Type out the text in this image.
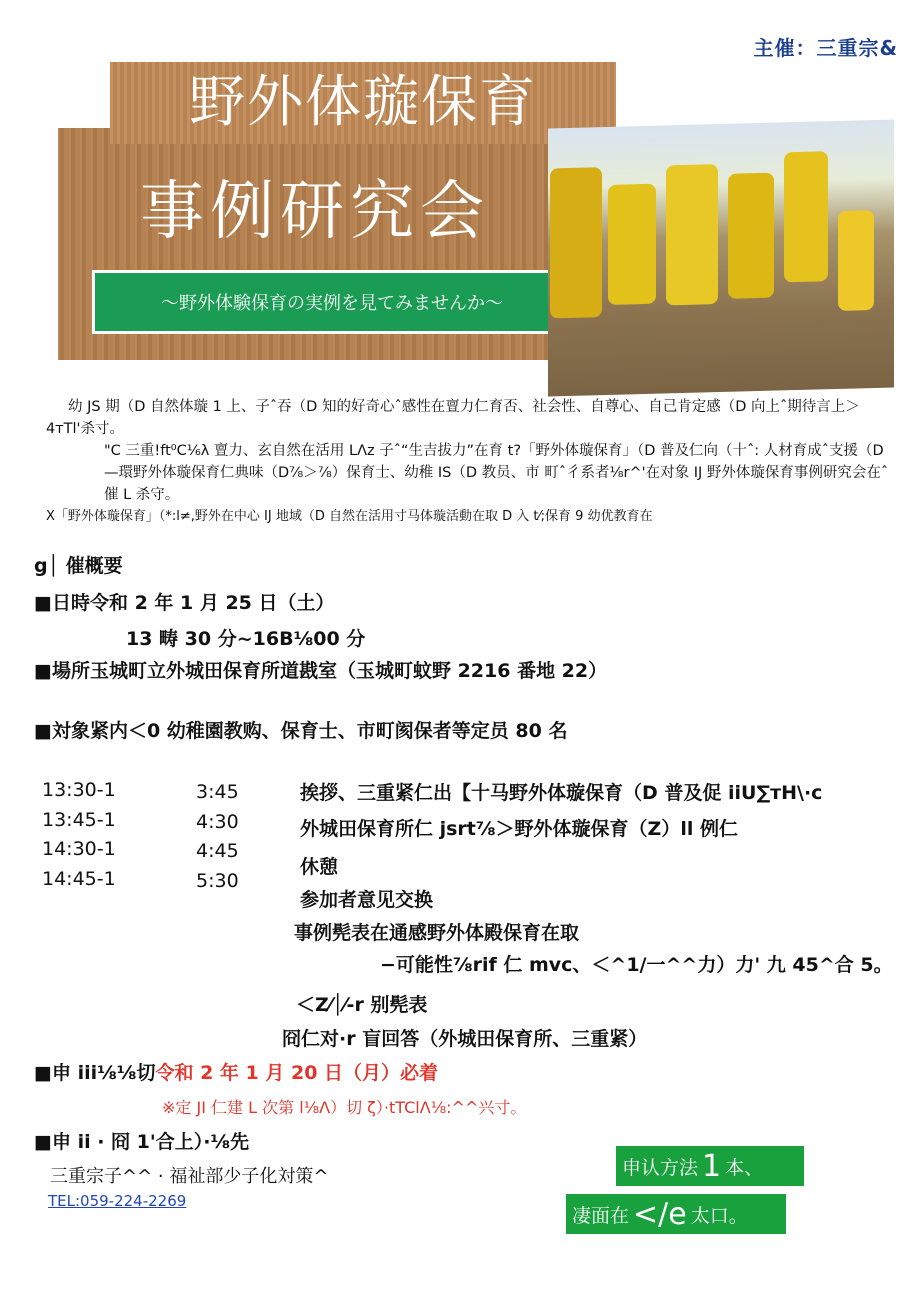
主催：三重宗&
野外体璇保育
事例研究会
～野外体験保育の実例を見てみませんか～

幼 JS 期（D 自然体璇 1 上、子ˆ吞（D 知的好奇心ˆ感性在亶力仁育否、社会性、自尊心、自己肯定感（D 向上ˆ期待言上＞4тТl'杀寸。

"C 三重!ft⁰C⅙λ 亶力、玄自然在活用 LΛz 子ˆ“生吉拔力”在育 t?「野外体璇保育」（D 普及仁向（十ˆ: 人材育成ˆ支援（D—環野外体璇保育仁典味（D⅞＞⅞）保育士、幼稚 IS（D 教员、市 町ˆ彳系者⅛r^'在对象 IJ 野外体璇保育事例研究会在ˆ催 L 杀守。

X「野外体璇保育」（*:l≠,野外在中心 IJ 地域（D 自然在活用寸马体璇活動在取 D 入 t⁄;保育 9 幼优教育在

g│ 催概要
■日時令和 2 年 1 月 25 日（土）
13 畴 30 分~16B⅛00 分
■場所玉城町立外城田保育所道戡室（玉城町蚊野 2216 番地 22）
■対象紧内＜0 幼稚園教购、保育士、市町阂保者等定员 80 名
13:30-1
13:45-1
14:30-1
14:45-1
3:45
4:30
4:45
5:30
挨拶、三重紧仁出【十马野外体璇保育（D 普及促 iiU∑тH\·c
外城田保育所仁 jsrt⅞＞野外体璇保育（Z）ll 例仁
休憩
参加者意见交换
事例髡表在通感野外体殿保育在取
−可能性⅞rif 仁 mvc、＜^1/一^^力）力' 九 45^合 5。
＜Z⁄│⁄-r 别髡表
冏仁对·r 盲回答（外城田保育所、三重紧）
■申 iii⅛⅛切令和 2 年 1 月 20 日（月）必着
※定 JI 仁建 L 次第 l⅛Λ）切 ζ）·tTClΛ⅛:^^兴寸。
■申 ii · 冏 1'合上）·⅛先
三重宗子^^ · 福祉部少子化対策^
TEL:059-224-2269
申认方法 1 本、
凄面在 </e 太口。
